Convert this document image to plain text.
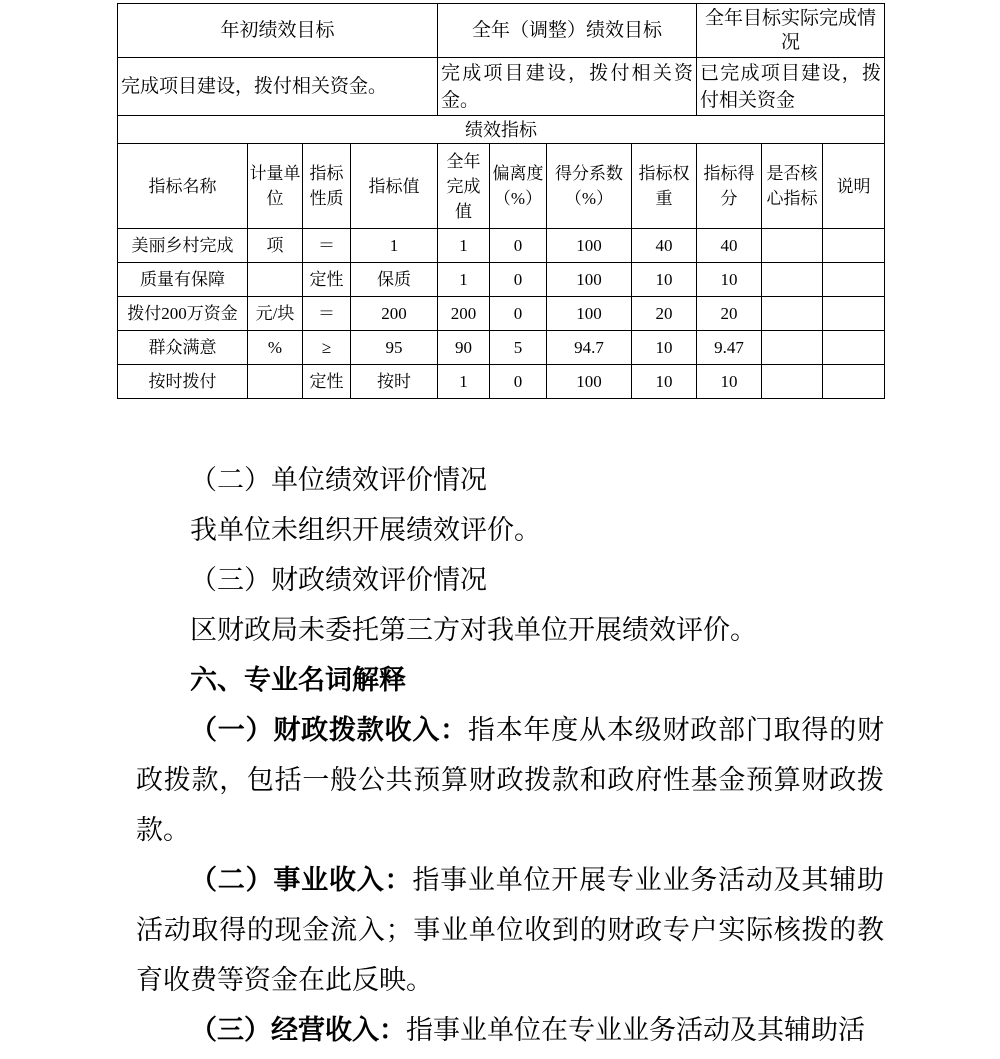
年初绩效目标				全年（调整）绩效目标				全年目标实际完成情况		
完成项目建设，拨付相关资金。				完成项目建设，拨付相关资金。				已完成项目建设，拨付相关资金		
绩效指标										
指标名称	计量单位	指标性质	指标值	全年完成值	偏离度（%）	得分系数（%）	指标权重	指标得分	是否核心指标	说明
美丽乡村完成	项	＝	1	1	0	100	40	40		
质量有保障		定性	保质	1	0	100	10	10		
拨付200万资金	元/块	＝	200	200	0	100	20	20		
群众满意	%	≥	95	90	5	94.7	10	9.47		
按时拨付		定性	按时	1	0	100	10	10		

（二）单位绩效评价情况

我单位未组织开展绩效评价。

（三）财政绩效评价情况

区财政局未委托第三方对我单位开展绩效评价。

六、专业名词解释

（一）财政拨款收入：指本年度从本级财政部门取得的财政拨款，包括一般公共预算财政拨款和政府性基金预算财政拨款。

（二）事业收入：指事业单位开展专业业务活动及其辅助活动取得的现金流入；事业单位收到的财政专户实际核拨的教育收费等资金在此反映。

（三）经营收入：指事业单位在专业业务活动及其辅助活
